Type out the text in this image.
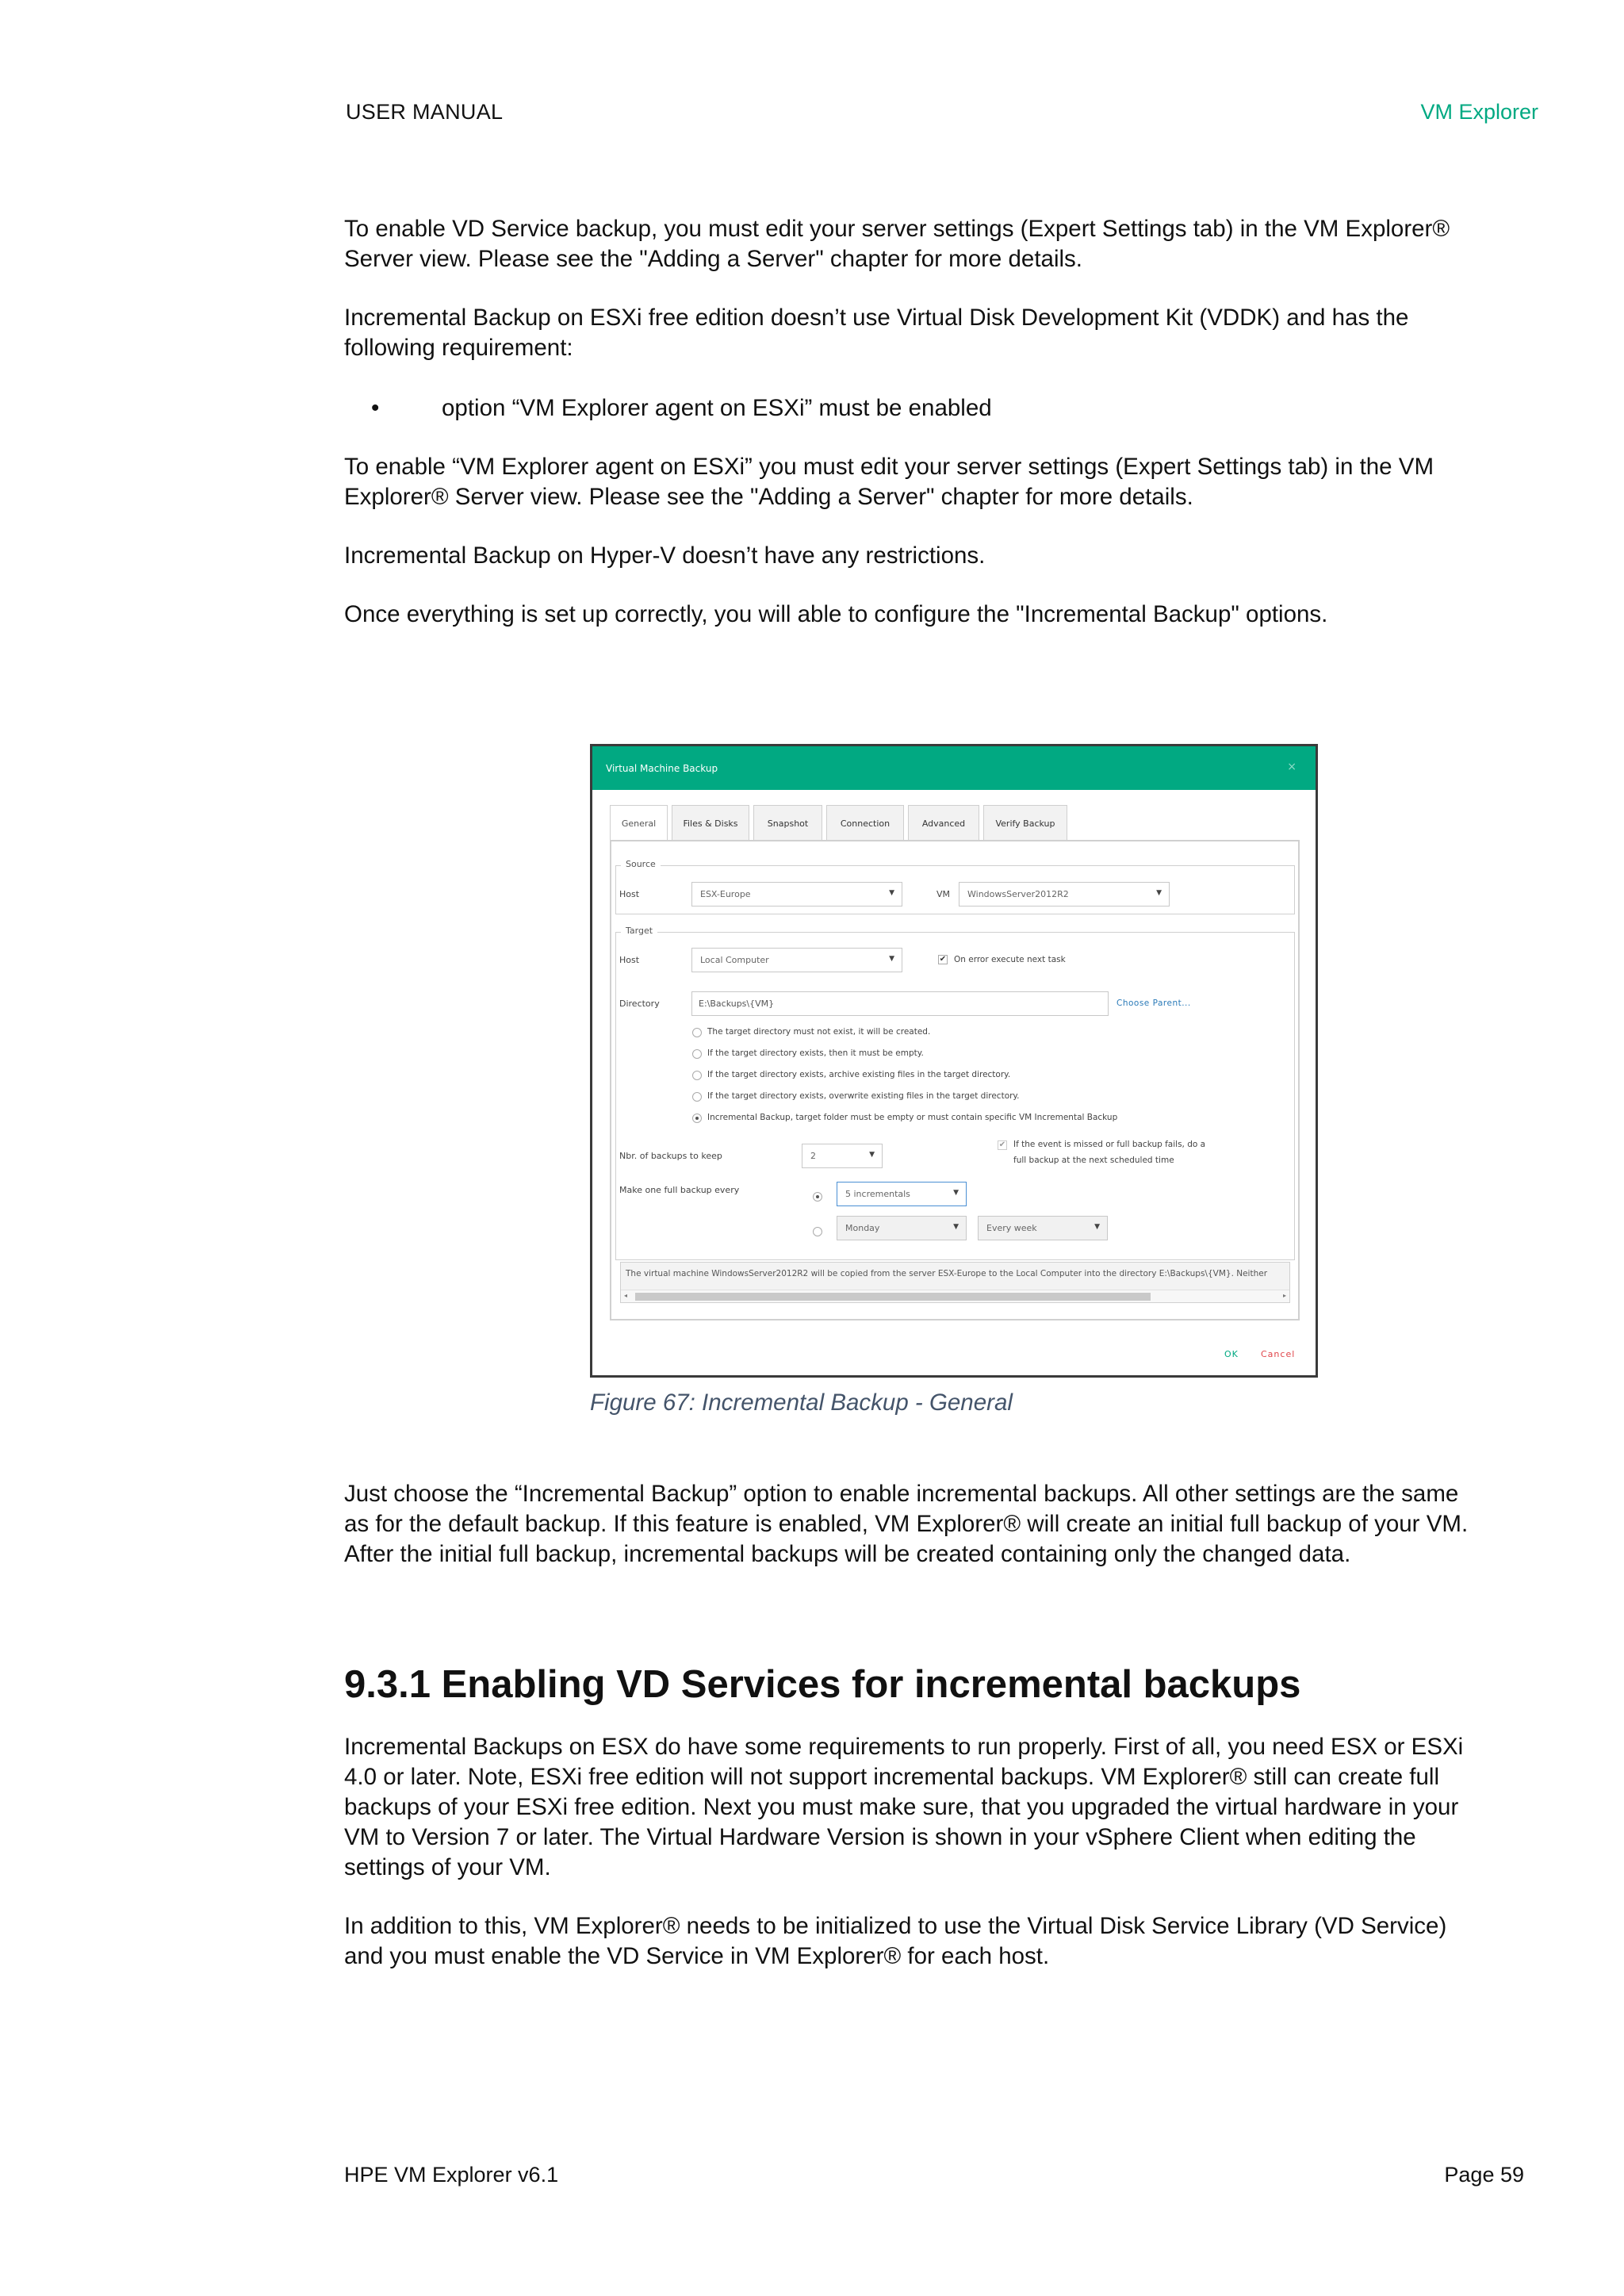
USER MANUAL	VM Explorer
To enable VD Service backup, you must edit your server settings (Expert Settings tab) in the VM Explorer®
Server view. Please see the "Adding a Server" chapter for more details.
Incremental Backup on ESXi free edition doesn’t use Virtual Disk Development Kit (VDDK) and has the
following requirement:
•	option “VM Explorer agent on ESXi” must be enabled
To enable “VM Explorer agent on ESXi” you must edit your server settings (Expert Settings tab) in the VM
Explorer® Server view. Please see the "Adding a Server" chapter for more details.
Incremental Backup on Hyper-V doesn’t have any restrictions.
Once everything is set up correctly, you will able to configure the "Incremental Backup" options.
Virtual Machine Backup	×
General	Files & Disks	Snapshot	Connection	Advanced	Verify Backup
Source
Host	ESX-Europe	▼	VM	WindowsServer2012R2	▼
Target
Host	Local Computer	▼	✔ On error execute next task
Directory	E:\Backups\{VM}	Choose Parent...
The target directory must not exist, it will be created.
If the target directory exists, then it must be empty.
If the target directory exists, archive existing files in the target directory.
If the target directory exists, overwrite existing files in the target directory.
Incremental Backup, target folder must be empty or must contain specific VM Incremental Backup
Nbr. of backups to keep	2	▼
✔ If the event is missed or full backup fails, do a
full backup at the next scheduled time
Make one full backup every	5 incrementals	▼
Monday	▼	Every week	▼
The virtual machine WindowsServer2012R2 will be copied from the server ESX-Europe to the Local Computer into the directory E:\Backups\{VM}. Neither
◂	▸
OK	Cancel
Figure 67: Incremental Backup - General
Just choose the “Incremental Backup” option to enable incremental backups. All other settings are the same
as for the default backup. If this feature is enabled, VM Explorer® will create an initial full backup of your VM.
After the initial full backup, incremental backups will be created containing only the changed data.
9.3.1 Enabling VD Services for incremental backups
Incremental Backups on ESX do have some requirements to run properly. First of all, you need ESX or ESXi
4.0 or later. Note, ESXi free edition will not support incremental backups. VM Explorer® still can create full
backups of your ESXi free edition. Next you must make sure, that you upgraded the virtual hardware in your
VM to Version 7 or later. The Virtual Hardware Version is shown in your vSphere Client when editing the
settings of your VM.
In addition to this, VM Explorer® needs to be initialized to use the Virtual Disk Service Library (VD Service)
and you must enable the VD Service in VM Explorer® for each host.
HPE VM Explorer v6.1	Page 59
